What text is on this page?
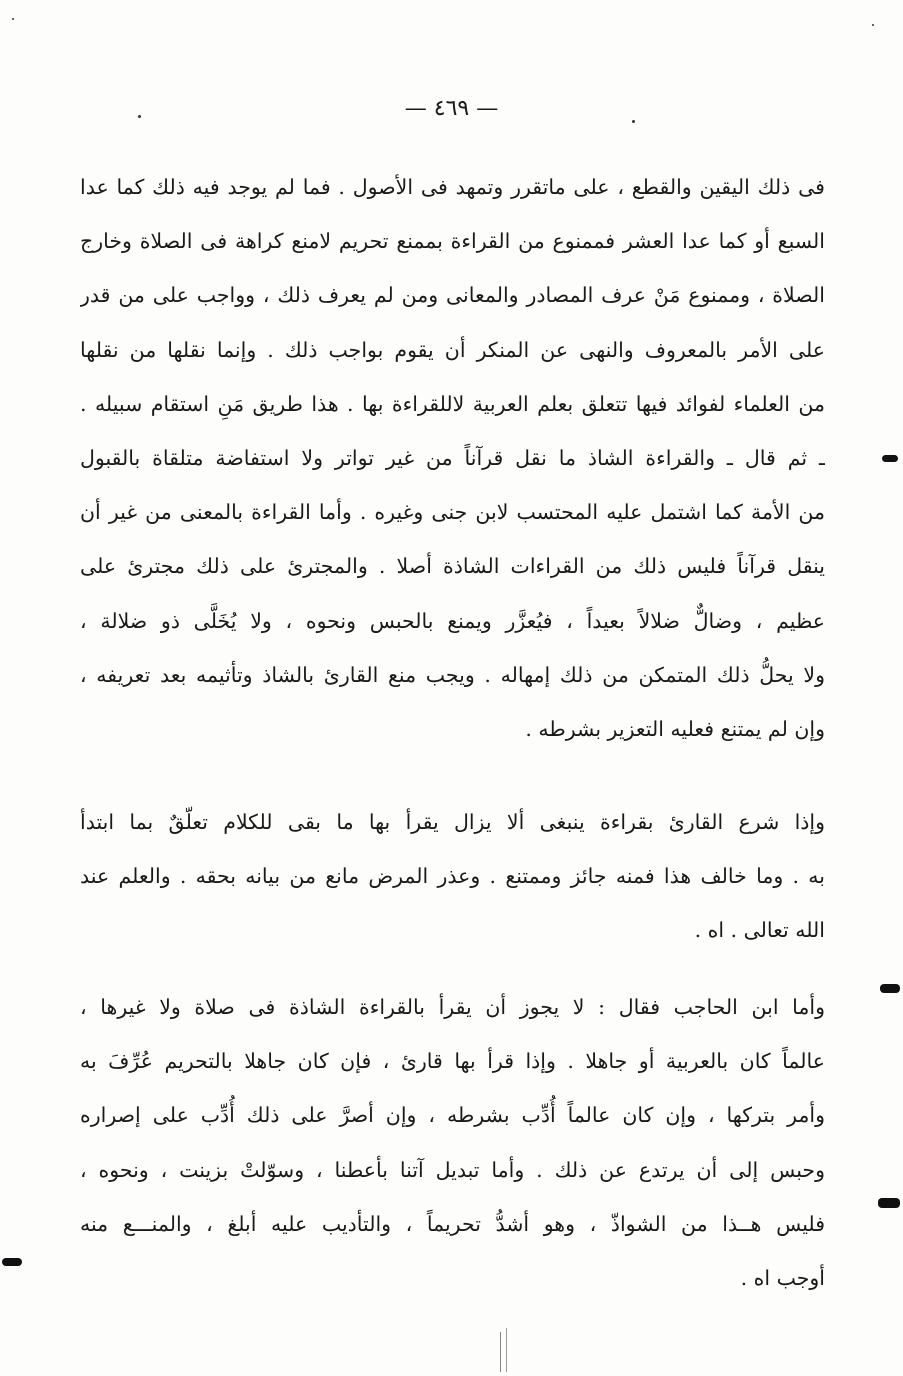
— ٤٦٩ —
فى ذلك اليقين والقطع ، على ماتقرر وتمهد فى الأصول . فما لم يوجد فيه ذلك كما عدا
السبع أو كما عدا العشر فممنوع من القراءة بممنع تحريم لامنع كراهة فى الصلاة وخارج
الصلاة ، وممنوع مَنْ عرف المصادر والمعانى ومن لم يعرف ذلك ، وواجب على من قدر
على الأمر بالمعروف والنهى عن المنكر أن يقوم بواجب ذلك . وإنما نقلها من نقلها
من العلماء لفوائد فيها تتعلق بعلم العربية لاللقراءة بها . هذا طريق مَنِ استقام سبيله .
ـ ثم قال ـ والقراءة الشاذ ما نقل قرآناً من غير تواتر ولا استفاضة متلقاة بالقبول
من الأمة كما اشتمل عليه المحتسب لابن جنى وغيره . وأما القراءة بالمعنى من غير أن
ينقل قرآناً فليس ذلك من القراءات الشاذة أصلا . والمجترئ على ذلك مجترئ على
عظيم ، وضالٌّ ضلالاً بعيداً ، فيُعزَّر ويمنع بالحبس ونحوه ، ولا يُخَلَّى ذو ضلالة ،
ولا يحلُّ ذلك المتمكن من ذلك إمهاله . ويجب منع القارئ بالشاذ وتأثيمه بعد تعريفه ،
وإن لم يمتنع فعليه التعزير بشرطه .
وإذا شرع القارئ بقراءة ينبغى ألا يزال يقرأ بها ما بقى للكلام تعلّقٌ بما ابتدأ
به . وما خالف هذا فمنه جائز وممتنع . وعذر المرض مانع من بيانه بحقه . والعلم عند
الله تعالى . اه .
وأما ابن الحاجب فقال : لا يجوز أن يقرأ بالقراءة الشاذة فى صلاة ولا غيرها ،
عالماً كان بالعربية أو جاهلا . وإذا قرأ بها قارئ ، فإن كان جاهلا بالتحريم عُرِّفَ به
وأمر بتركها ، وإن كان عالماً أُدِّب بشرطه ، وإن أصرَّ على ذلك أُدِّب على إصراره
وحبس إلى أن يرتدع عن ذلك . وأما تبديل آتنا بأعطنا ، وسوّلتْ بزينت ، ونحوه ،
فليس هــذا من الشواذّ ، وهو أشدُّ تحريماً ، والتأديب عليه أبلغ ، والمنـــع منه
أوجب اه .
